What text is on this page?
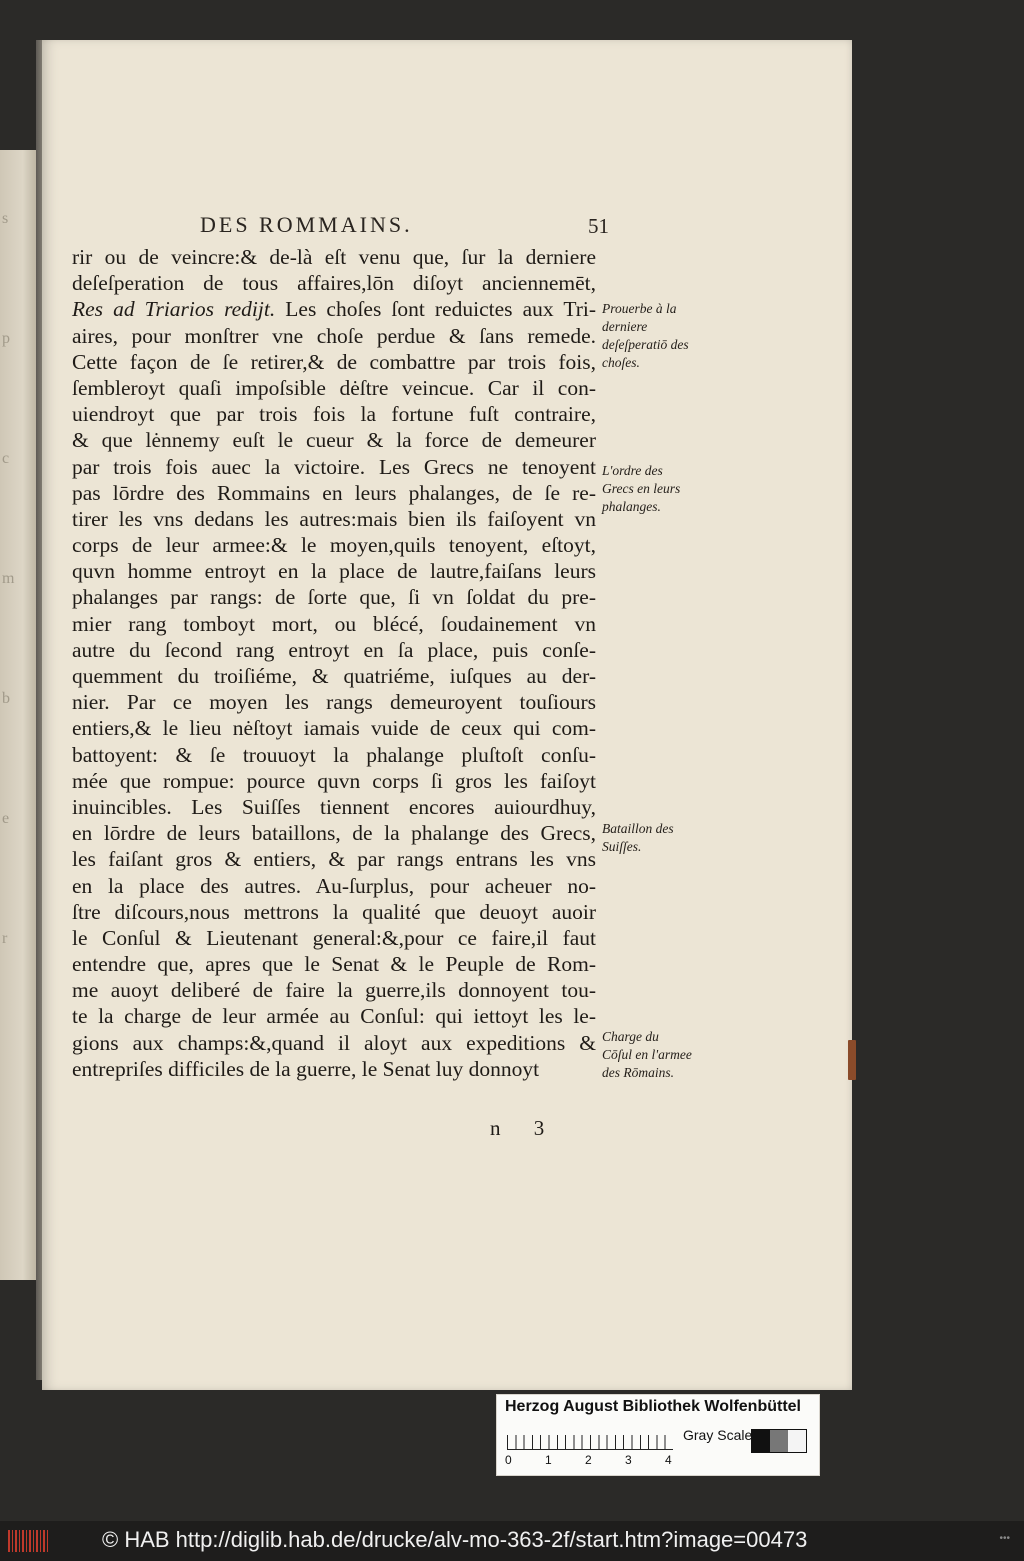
s
p
c
m
b
e
r
DES ROMMAINS.	51
rir ou de veincre:& de-là eſt venu que, ſur la derniere
deſeſperation de tous affaires,lōn diſoyt anciennemēt,
Res ad Triarios redijt. Les choſes ſont reduictes aux Tri-
aires, pour monſtrer vne choſe perdue & ſans remede.
Cette façon de ſe retirer,& de combattre par trois fois,
ſembleroyt quaſi impoſsible dėſtre veincue. Car il con-
uiendroyt que par trois fois la fortune fuſt contraire,
& que lėnnemy euſt le cueur & la force de demeurer
par trois fois auec la victoire. Les Grecs ne tenoyent
pas lōrdre des Rommains en leurs phalanges, de ſe re-
tirer les vns dedans les autres:mais bien ils faiſoyent vn
corps de leur armee:& le moyen,quils tenoyent, eſtoyt,
quvn homme entroyt en la place de lautre,faiſans leurs
phalanges par rangs: de ſorte que, ſi vn ſoldat du pre-
mier rang tomboyt mort, ou blécé, ſoudainement vn
autre du ſecond rang entroyt en ſa place, puis conſe-
quemment du troiſiéme, & quatriéme, iuſques au der-
nier. Par ce moyen les rangs demeuroyent touſiours
entiers,& le lieu nėſtoyt iamais vuide de ceux qui com-
battoyent: & ſe trouuoyt la phalange pluſtoſt conſu-
mée que rompue: pource quvn corps ſi gros les faiſoyt
inuincibles. Les Suiſſes tiennent encores auiourdhuy,
en lōrdre de leurs bataillons, de la phalange des Grecs,
les faiſant gros & entiers, & par rangs entrans les vns
en la place des autres. Au-ſurplus, pour acheuer no-
ſtre diſcours,nous mettrons la qualité que deuoyt auoir
le Conſul & Lieutenant general:&,pour ce faire,il faut
entendre que, apres que le Senat & le Peuple de Rom-
me auoyt deliberé de faire la guerre,ils donnoyent tou-
te la charge de leur armée au Conſul: qui iettoyt les le-
gions aux champs:&,quand il aloyt aux expeditions &
entrepriſes difficiles de la guerre, le Senat luy donnoyt
Prouerbe à la derniere deſeſperatiō des choſes.
L'ordre des Grecs en leurs phalanges.
Bataillon des Suiſſes.
Charge du Cōſul en l'armee des Rōmains.
n 3
Herzog August Bibliothek Wolfenbüttel
0	1	2	3	4
Gray Scale
© HAB http://diglib.hab.de/drucke/alv-mo-363-2f/start.htm?image=00473	•••
